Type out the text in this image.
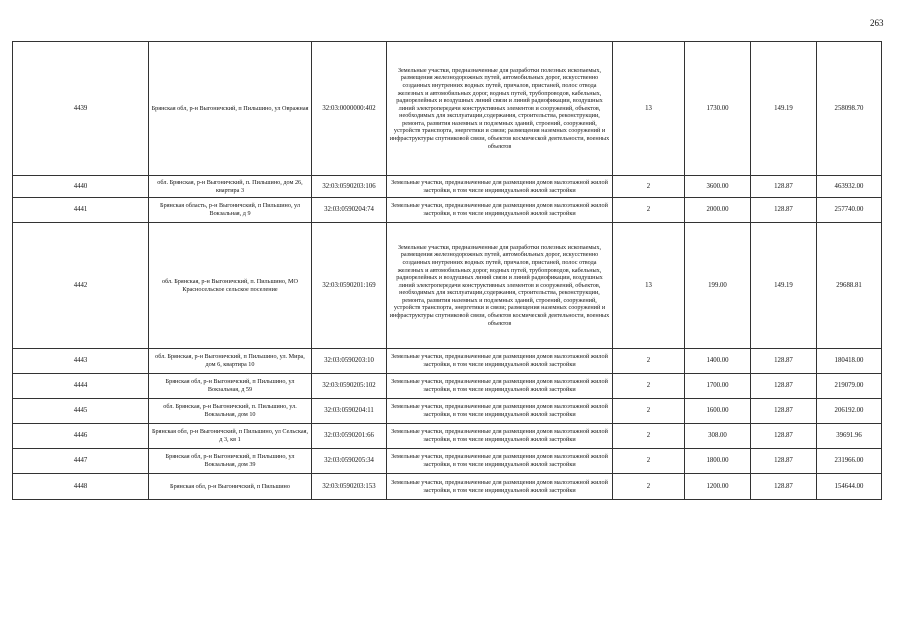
263
4439	Брянская обл, р-н Выгоничский, п Пильшино, ул Овражная	32:03:0000000:402	Земельные участки, предназначенные для разработки полезных ископаемых, размещения железнодорожных путей, автомобильных дорог, искусственно созданных внутренних водных путей, причалов, пристаней, полос отвода железных и автомобильных дорог, водных путей, трубопроводов, кабельных, радиорелейных и воздушных линий связи и линий радиофикации, воздушных линий электропередачи конструктивных элементов и сооружений, объектов, необходимых для эксплуатации,содержания, строительства, реконструкции, ремонта, развития наземных и подземных зданий, строений, сооружений, устройств транспорта, энергетики и связи; размещения наземных сооружений и инфраструктуры спутниковой связи, объектов космической деятельности, военных объектов	13	1730.00	149.19	258098.70
4440	обл. Брянская, р-н Выгоничский, п. Пильшино, дом 26, квартира 3	32:03:0590203:106	Земельные участки, предназначенные для размещения домов малоэтажной жилой застройки, в том числе индивидуальной жилой застройки	2	3600.00	128.87	463932.00
4441	Брянская область, р-н Выгоничский, п Пильшино, ул Вокзальная, д 9	32:03:0590204:74	Земельные участки, предназначенные для размещения домов малоэтажной жилой застройки, в том числе индивидуальной жилой застройки	2	2000.00	128.87	257740.00
4442	обл. Брянская, р-н Выгоничский, п. Пильшино, МО Красносельское сельское поселение	32:03:0590201:169	Земельные участки, предназначенные для разработки полезных ископаемых, размещения железнодорожных путей, автомобильных дорог, искусственно созданных внутренних водных путей, причалов, пристаней, полос отвода железных и автомобильных дорог, водных путей, трубопроводов, кабельных, радиорелейных и воздушных линий связи и линий радиофикации, воздушных линий электропередачи конструктивных элементов и сооружений, объектов, необходимых для эксплуатации,содержания, строительства, реконструкции, ремонта, развития наземных и подземных зданий, строений, сооружений, устройств транспорта, энергетики и связи; размещения наземных сооружений и инфраструктуры спутниковой связи, объектов космической деятельности, военных объектов	13	199.00	149.19	29688.81
4443	обл. Брянская, р-н Выгоничский, п Пильшино, ул. Мира, дом 6, квартира 10	32:03:0590203:10	Земельные участки, предназначенные для размещения домов малоэтажной жилой застройки, в том числе индивидуальной жилой застройки	2	1400.00	128.87	180418.00
4444	Брянская обл, р-н Выгоничский, п Пильшино, ул Вокзальная, д 59	32:03:0590205:102	Земельные участки, предназначенные для размещения домов малоэтажной жилой застройки, в том числе индивидуальной жилой застройки	2	1700.00	128.87	219079.00
4445	обл. Брянская, р-н Выгоничский, п. Пильшино, ул. Вокзальная, дом 10	32:03:0590204:11	Земельные участки, предназначенные для размещения домов малоэтажной жилой застройки, в том числе индивидуальной жилой застройки	2	1600.00	128.87	206192.00
4446	Брянская обл, р-н Выгоничский, п Пильшино, ул Сельская, д 3, кв 1	32:03:0590201:66	Земельные участки, предназначенные для размещения домов малоэтажной жилой застройки, в том числе индивидуальной жилой застройки	2	308.00	128.87	39691.96
4447	Брянская обл, р-н Выгоничский, п Пильшино, ул Вокзальная, дом 39	32:03:0590205:34	Земельные участки, предназначенные для размещения домов малоэтажной жилой застройки, в том числе индивидуальной жилой застройки	2	1800.00	128.87	231966.00
4448	Брянская обл, р-н Выгоничский, п Пильшино	32:03:0590203:153	Земельные участки, предназначенные для размещения домов малоэтажной жилой застройки, в том числе индивидуальной жилой застройки	2	1200.00	128.87	154644.00
